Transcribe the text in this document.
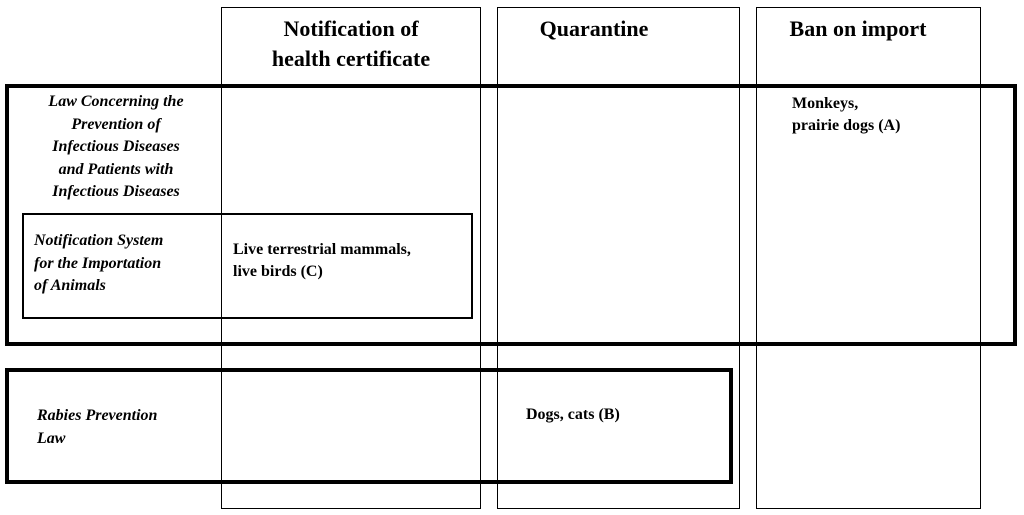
Notification of
health certificate
Quarantine	Ban on import
Law Concerning the
Prevention of
Infectious Diseases
and Patients with
Infectious Diseases
Notification System
for the Importation
of Animals
Rabies Prevention
Law
Monkeys,
prairie dogs (A)
Live terrestrial mammals,
live birds (C)
Dogs, cats (B)
